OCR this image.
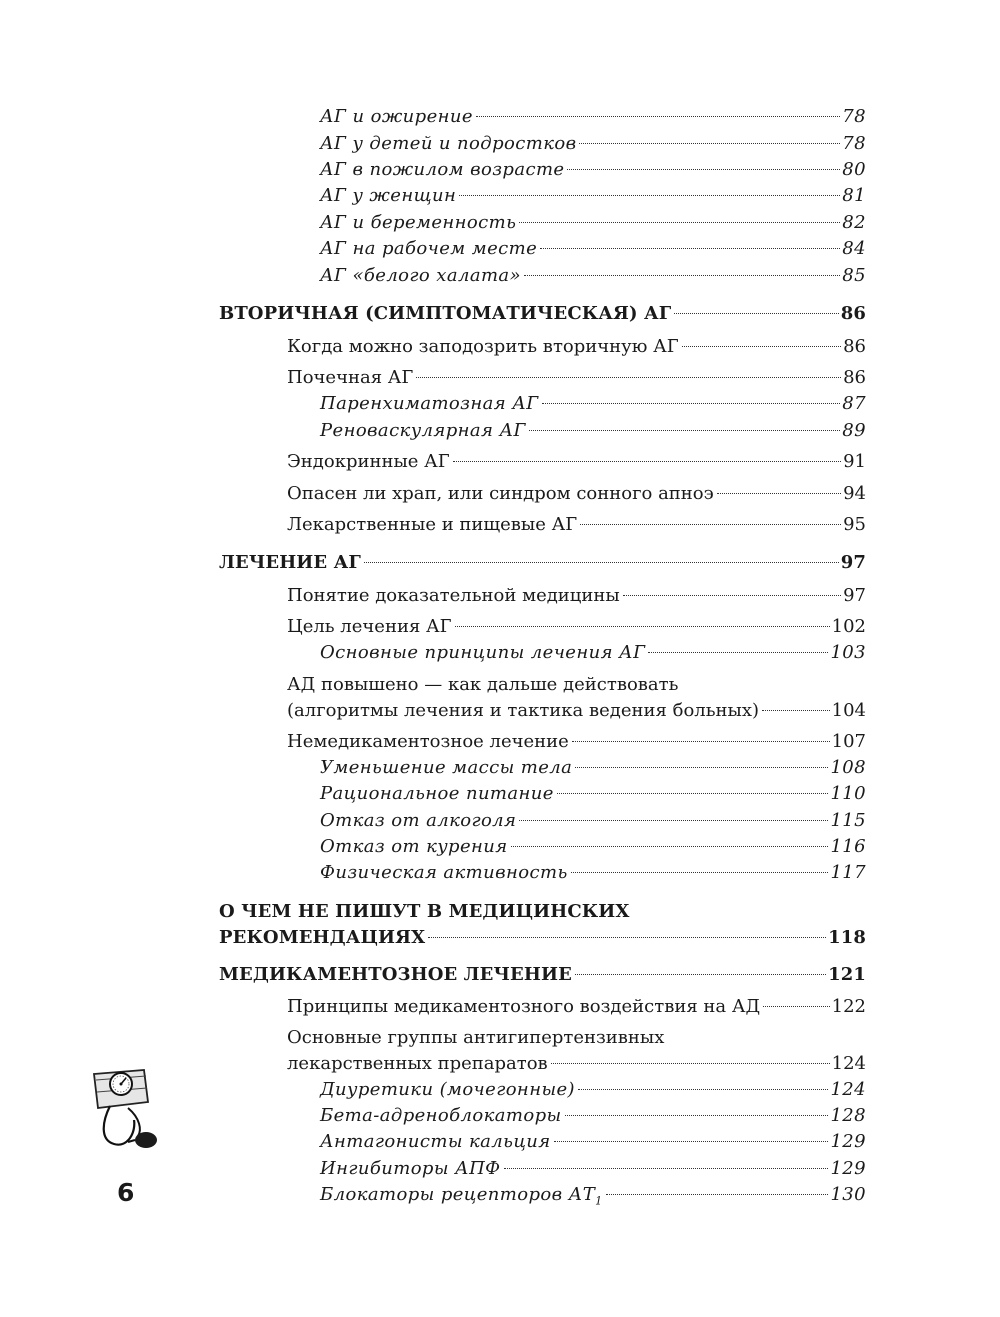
АГ и ожирение	78
АГ у детей и подростков	78
АГ в пожилом возрасте	80
АГ у женщин	81
АГ и беременность	82
АГ на рабочем месте	84
АГ «белого халата»	85
ВТОРИЧНАЯ (СИМПТОМАТИЧЕСКАЯ) АГ	86
Когда можно заподозрить вторичную АГ	86
Почечная АГ	86
Паренхиматозная АГ	87
Реноваскулярная АГ	89
Эндокринные АГ	91
Опасен ли храп, или синдром сонного апноэ	94
Лекарственные и пищевые АГ	95
ЛЕЧЕНИЕ АГ	97
Понятие доказательной медицины	97
Цель лечения АГ	102
Основные принципы лечения АГ	103
АД повышено — как дальше действовать
(алгоритмы лечения и тактика ведения больных)	104
Немедикаментозное лечение	107
Уменьшение массы тела	108
Рациональное питание	110
Отказ от алкоголя	115
Отказ от курения	116
Физическая активность	117
О ЧЕМ НЕ ПИШУТ В МЕДИЦИНСКИХ
РЕКОМЕНДАЦИЯХ	118
МЕДИКАМЕНТОЗНОЕ ЛЕЧЕНИЕ	121
Принципы медикаментозного воздействия на АД	122
Основные группы антигипертензивных
лекарственных препаратов	124
Диуретики (мочегонные)	124
Бета-адреноблокаторы	128
Антагонисты кальция	129
Ингибиторы АПФ	129
Блокаторы рецепторов $АТ_1$	130
6
